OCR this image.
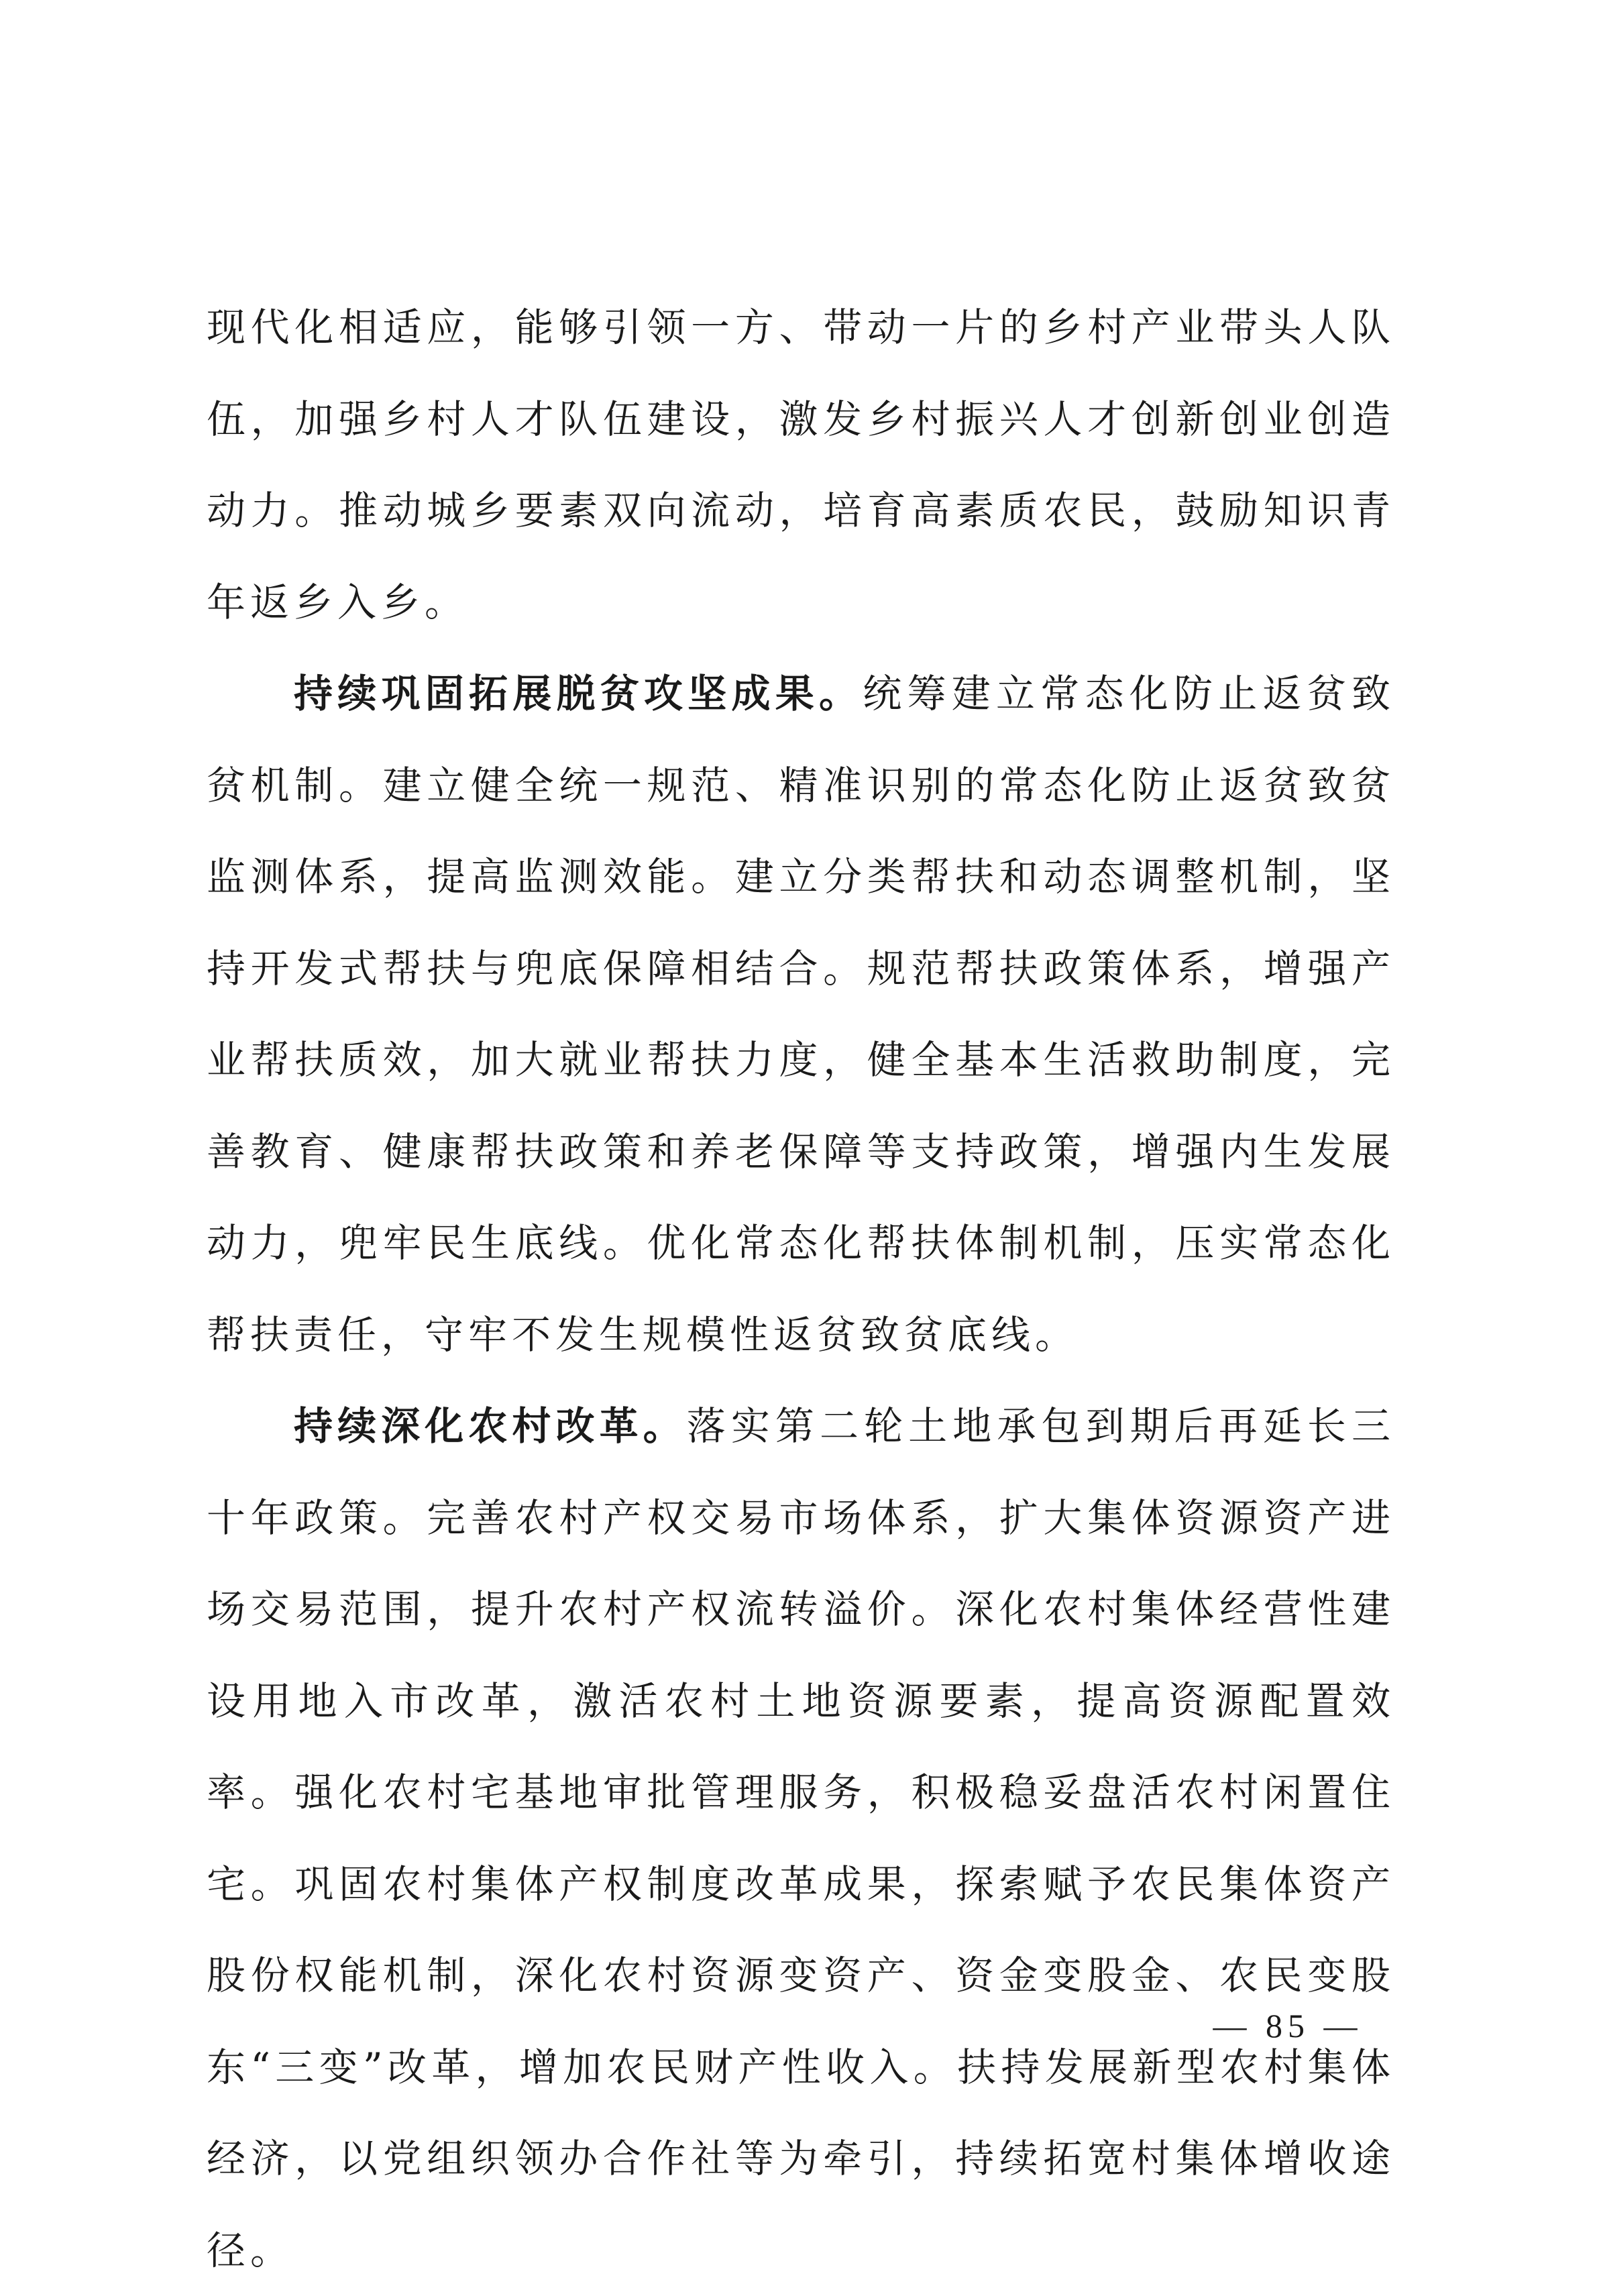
现代化相适应，能够引领一方、带动一片的乡村产业带头人队伍，加强乡村人才队伍建设，激发乡村振兴人才创新创业创造动力。推动城乡要素双向流动，培育高素质农民，鼓励知识青年返乡入乡。

持续巩固拓展脱贫攻坚成果。统筹建立常态化防止返贫致贫机制。建立健全统一规范、精准识别的常态化防止返贫致贫监测体系，提高监测效能。建立分类帮扶和动态调整机制，坚持开发式帮扶与兜底保障相结合。规范帮扶政策体系，增强产业帮扶质效，加大就业帮扶力度，健全基本生活救助制度，完善教育、健康帮扶政策和养老保障等支持政策，增强内生发展动力，兜牢民生底线。优化常态化帮扶体制机制，压实常态化帮扶责任，守牢不发生规模性返贫致贫底线。

持续深化农村改革。落实第二轮土地承包到期后再延长三十年政策。完善农村产权交易市场体系，扩大集体资源资产进场交易范围，提升农村产权流转溢价。深化农村集体经营性建设用地入市改革，激活农村土地资源要素，提高资源配置效率。强化农村宅基地审批管理服务，积极稳妥盘活农村闲置住宅。巩固农村集体产权制度改革成果，探索赋予农民集体资产股份权能机制，深化农村资源变资产、资金变股金、农民变股东“三变”改革，增加农民财产性收入。扶持发展新型农村集体经济，以党组织领办合作社等为牵引，持续拓宽村集体增收途径。

— 85 —
